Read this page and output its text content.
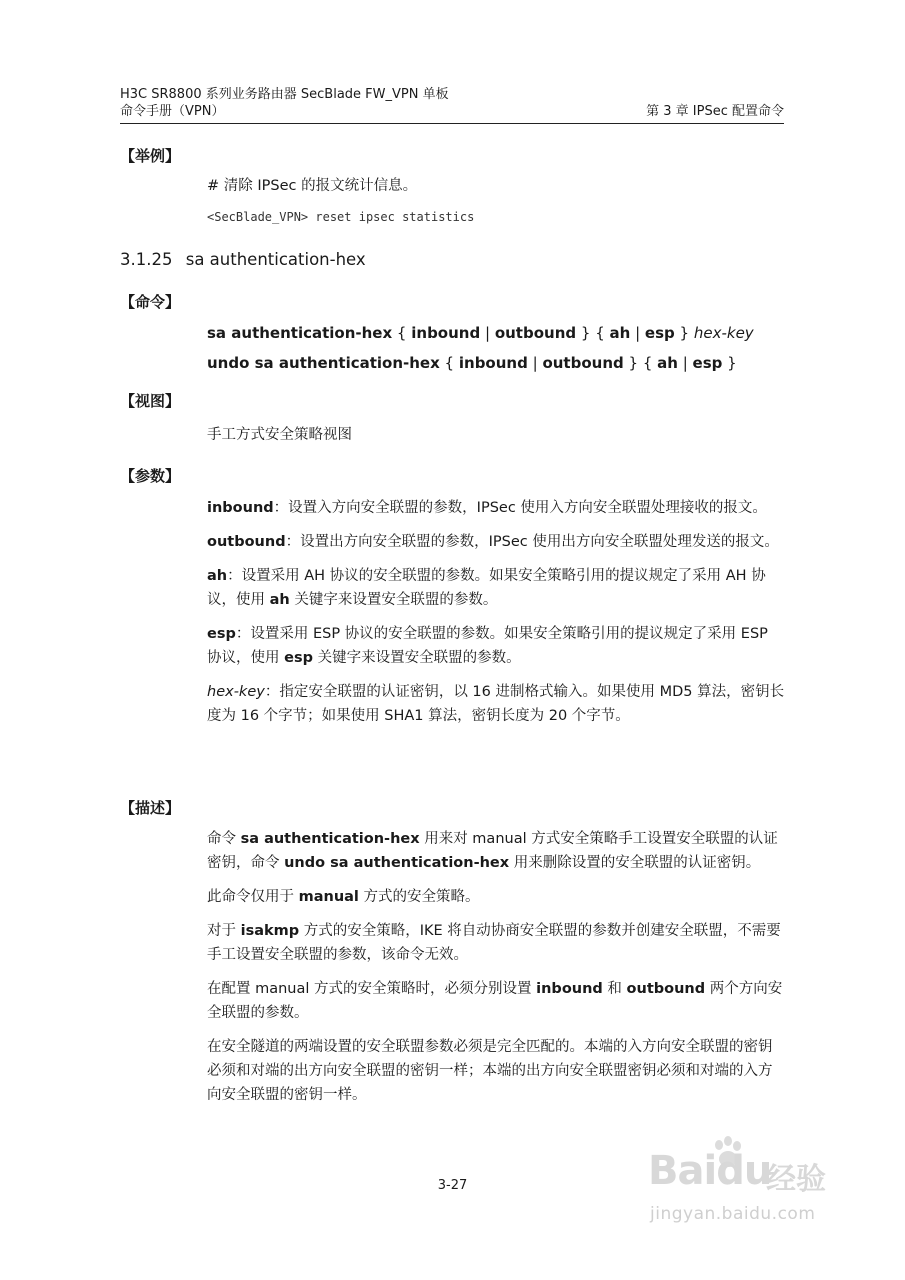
H3C SR8800 系列业务路由器 SecBlade FW_VPN 单板
命令手册（VPN）	第 3 章 IPSec 配置命令
【举例】
# 清除 IPSec 的报文统计信息。
<SecBlade_VPN> reset ipsec statistics
3.1.25 sa authentication-hex
【命令】
sa authentication-hex { inbound | outbound } { ah | esp } hex-key
undo sa authentication-hex { inbound | outbound } { ah | esp }
【视图】
手工方式安全策略视图
【参数】

inbound：设置入方向安全联盟的参数，IPSec 使用入方向安全联盟处理接收的报文。

outbound：设置出方向安全联盟的参数，IPSec 使用出方向安全联盟处理发送的报文。

ah：设置采用 AH 协议的安全联盟的参数。如果安全策略引用的提议规定了采用 AH 协议，使用 ah 关键字来设置安全联盟的参数。

esp：设置采用 ESP 协议的安全联盟的参数。如果安全策略引用的提议规定了采用 ESP 协议，使用 esp 关键字来设置安全联盟的参数。

hex-key：指定安全联盟的认证密钥，以 16 进制格式输入。如果使用 MD5 算法，密钥长度为 16 个字节；如果使用 SHA1 算法，密钥长度为 20 个字节。

【描述】

命令 sa authentication-hex 用来对 manual 方式安全策略手工设置安全联盟的认证密钥，命令 undo sa authentication-hex 用来删除设置的安全联盟的认证密钥。

此命令仅用于 manual 方式的安全策略。

对于 isakmp 方式的安全策略，IKE 将自动协商安全联盟的参数并创建安全联盟，不需要手工设置安全联盟的参数，该命令无效。

在配置 manual 方式的安全策略时，必须分别设置 inbound 和 outbound 两个方向安全联盟的参数。

在安全隧道的两端设置的安全联盟参数必须是完全匹配的。本端的入方向安全联盟的密钥必须和对端的出方向安全联盟的密钥一样；本端的出方向安全联盟密钥必须和对端的入方向安全联盟的密钥一样。

3-27	Baidu
经验
jingyan.baidu.com
